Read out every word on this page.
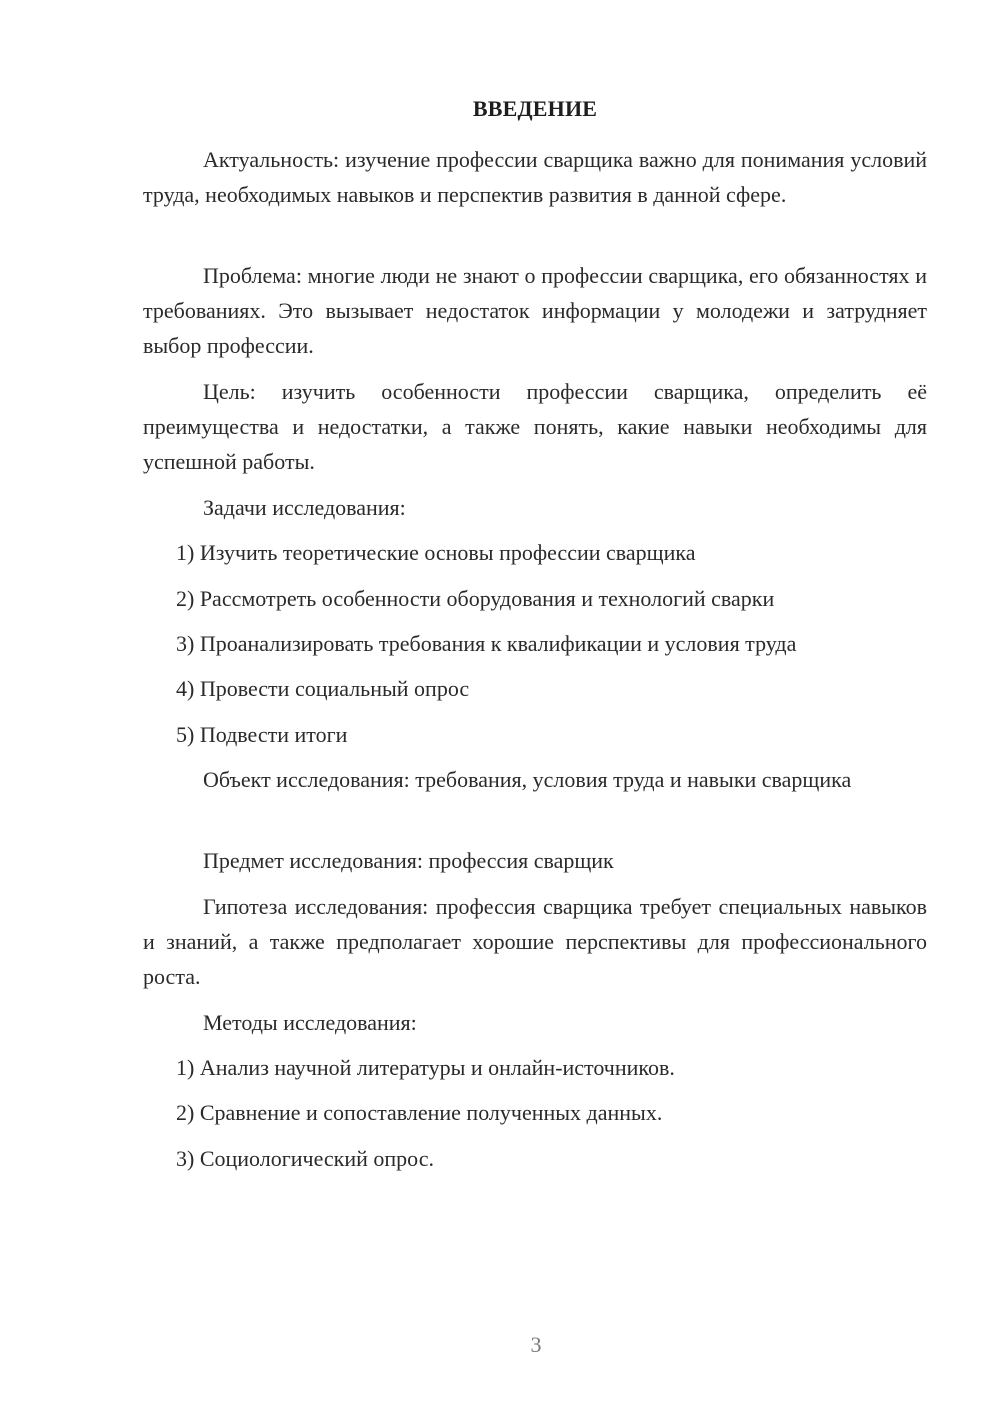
ВВЕДЕНИЕ

Актуальность: изучение профессии сварщика важно для понимания условий труда, необходимых навыков и перспектив развития в данной сфере.

Проблема: многие люди не знают о профессии сварщика, его обязанностях и требованиях. Это вызывает недостаток информации у молодежи и затрудняет выбор профессии.

Цель: изучить особенности профессии сварщика, определить её преимущества и недостатки, а также понять, какие навыки необходимы для успешной работы.

Задачи исследования:

1) Изучить теоретические основы профессии сварщика

2) Рассмотреть особенности оборудования и технологий сварки

3) Проанализировать требования к квалификации и условия труда

4) Провести социальный опрос

5) Подвести итоги

Объект исследования: требования, условия труда и навыки сварщика

Предмет исследования: профессия сварщик

Гипотеза исследования: профессия сварщика требует специальных навыков и знаний, а также предполагает хорошие перспективы для профессионального роста.

Методы исследования:

1) Анализ научной литературы и онлайн-источников.

2) Сравнение и сопоставление полученных данных.

3) Социологический опрос.

3
